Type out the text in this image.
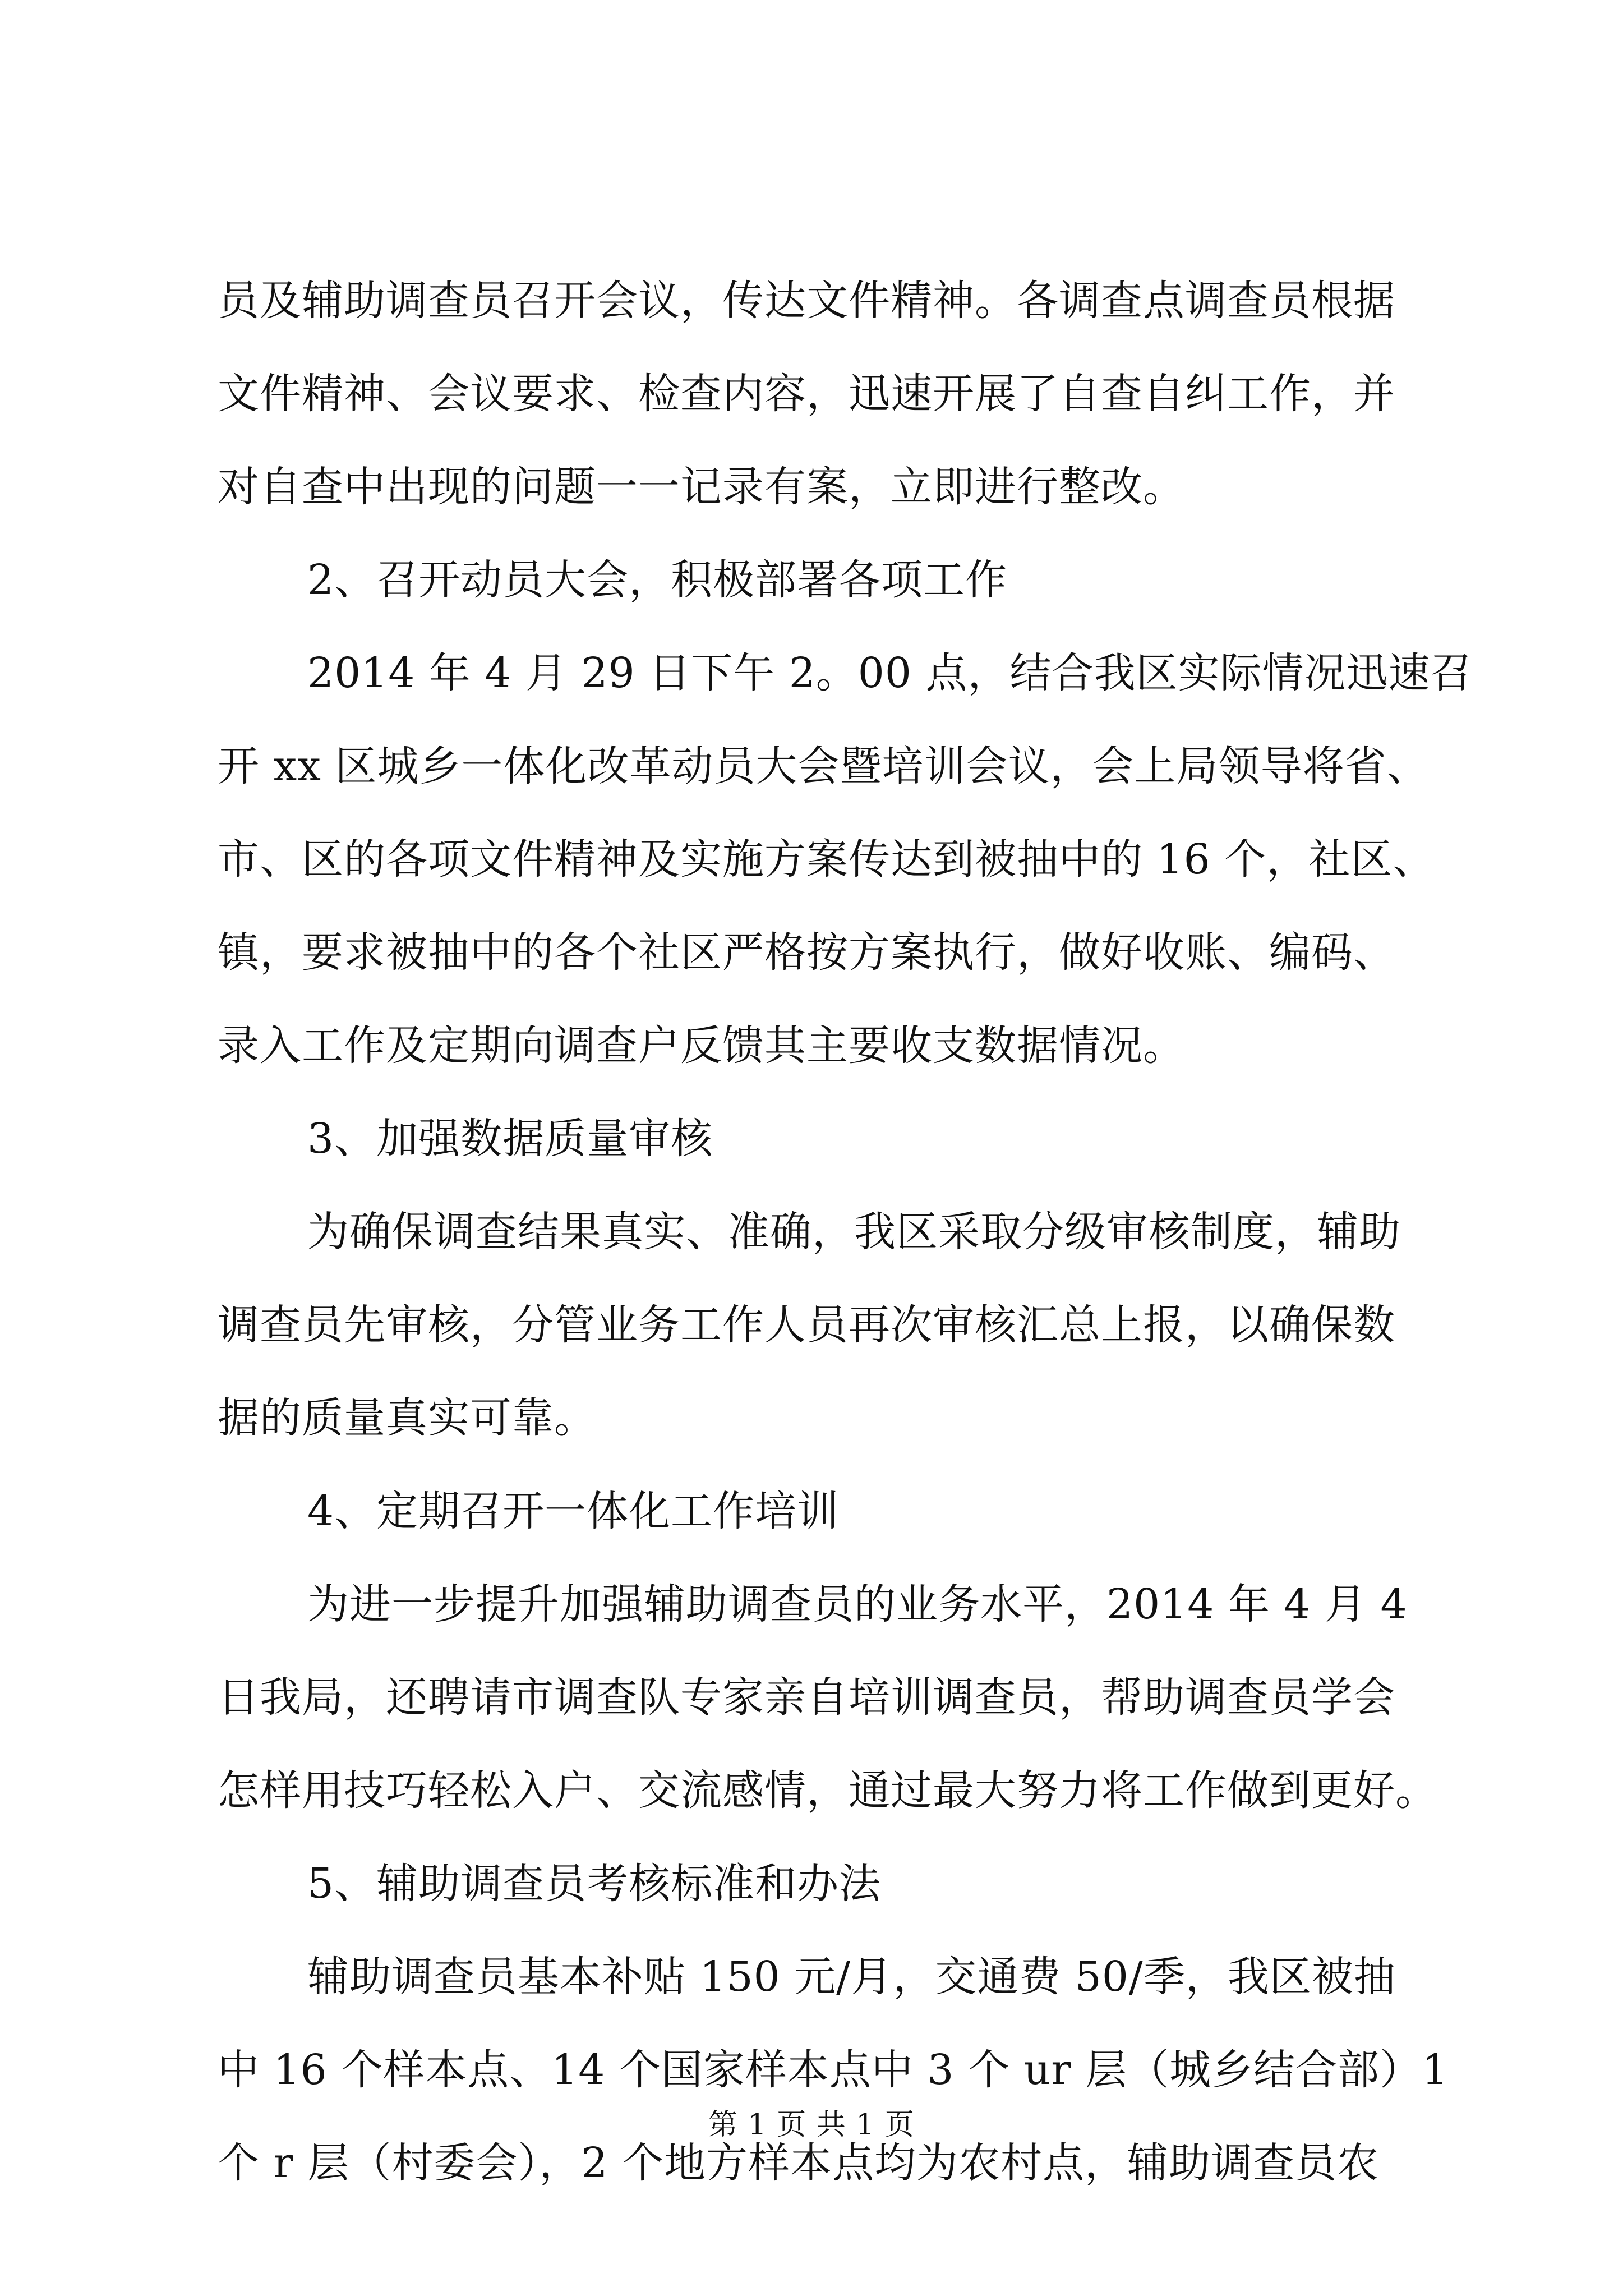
员及辅助调查员召开会议，传达文件精神。各调查点调查员根据
文件精神、会议要求、检查内容，迅速开展了自查自纠工作，并
对自查中出现的问题一一记录有案，立即进行整改。
2、召开动员大会，积极部署各项工作
2014 年 4 月 29 日下午 2。00 点，结合我区实际情况迅速召
开 xx 区城乡一体化改革动员大会暨培训会议，会上局领导将省、
市、区的各项文件精神及实施方案传达到被抽中的 16 个，社区、
镇，要求被抽中的各个社区严格按方案执行，做好收账、编码、
录入工作及定期向调查户反馈其主要收支数据情况。
3、加强数据质量审核
为确保调查结果真实、准确，我区采取分级审核制度，辅助
调查员先审核，分管业务工作人员再次审核汇总上报，以确保数
据的质量真实可靠。
4、定期召开一体化工作培训
为进一步提升加强辅助调查员的业务水平，2014 年 4 月 4
日我局，还聘请市调查队专家亲自培训调查员，帮助调查员学会
怎样用技巧轻松入户、交流感情，通过最大努力将工作做到更好。
5、辅助调查员考核标准和办法
辅助调查员基本补贴 150 元/月，交通费 50/季，我区被抽
中 16 个样本点、14 个国家样本点中 3 个 ur 层（城乡结合部）1
个 r 层（村委会），2 个地方样本点均为农村点，辅助调查员农
第 1 页 共 1 页
